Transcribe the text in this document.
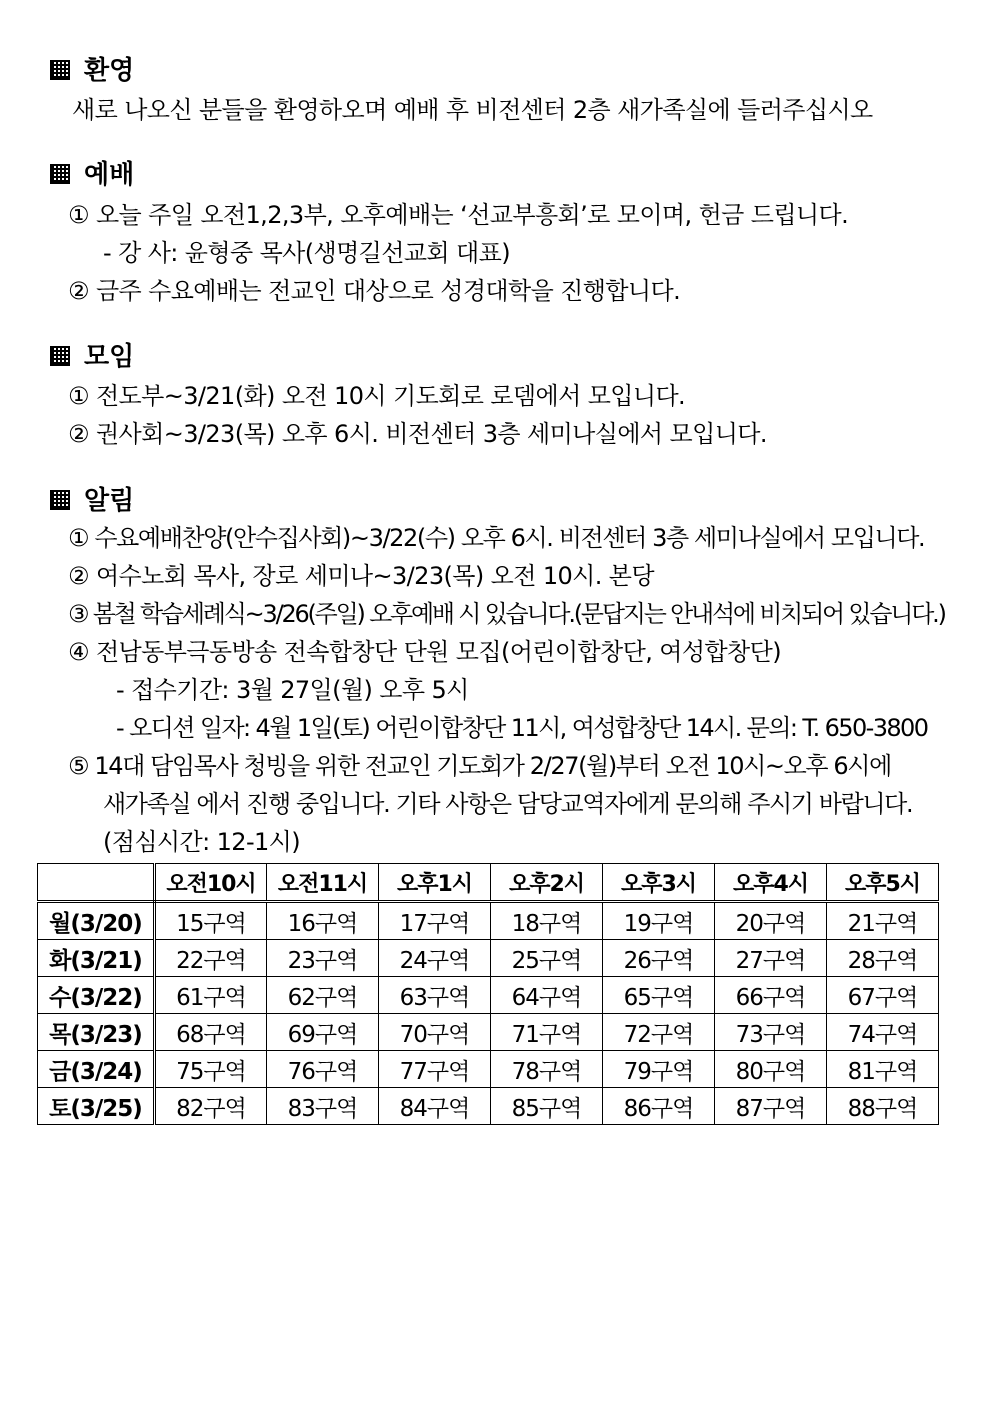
환영
새로 나오신 분들을 환영하오며 예배 후 비전센터 2층 새가족실에 들러주십시오
예배
① 오늘 주일 오전1,2,3부, 오후예배는 ‘선교부흥회’로 모이며, 헌금 드립니다.
- 강 사: 윤형중 목사(생명길선교회 대표)
② 금주 수요예배는 전교인 대상으로 성경대학을 진행합니다.
모임
① 전도부~3/21(화) 오전 10시 기도회로 로뎀에서 모입니다.
② 권사회~3/23(목) 오후 6시. 비전센터 3층 세미나실에서 모입니다.
알림
① 수요예배찬양(안수집사회)~3/22(수) 오후 6시. 비전센터 3층 세미나실에서 모입니다.
② 여수노회 목사, 장로 세미나~3/23(목) 오전 10시. 본당
③ 봄철 학습세례식~3/26(주일) 오후예배 시 있습니다.(문답지는 안내석에 비치되어 있습니다.)
④ 전남동부극동방송 전속합창단 단원 모집(어린이합창단, 여성합창단)
- 접수기간: 3월 27일(월) 오후 5시
- 오디션 일자: 4월 1일(토) 어린이합창단 11시, 여성합창단 14시. 문의: T. 650-3800
⑤ 14대 담임목사 청빙을 위한 전교인 기도회가 2/27(월)부터 오전 10시~오후 6시에
새가족실 에서 진행 중입니다. 기타 사항은 담당교역자에게 문의해 주시기 바랍니다.
(점심시간: 12-1시)
	오전10시	오전11시	오후1시	오후2시	오후3시	오후4시	오후5시
월(3/20)	15구역	16구역	17구역	18구역	19구역	20구역	21구역
화(3/21)	22구역	23구역	24구역	25구역	26구역	27구역	28구역
수(3/22)	61구역	62구역	63구역	64구역	65구역	66구역	67구역
목(3/23)	68구역	69구역	70구역	71구역	72구역	73구역	74구역
금(3/24)	75구역	76구역	77구역	78구역	79구역	80구역	81구역
토(3/25)	82구역	83구역	84구역	85구역	86구역	87구역	88구역
